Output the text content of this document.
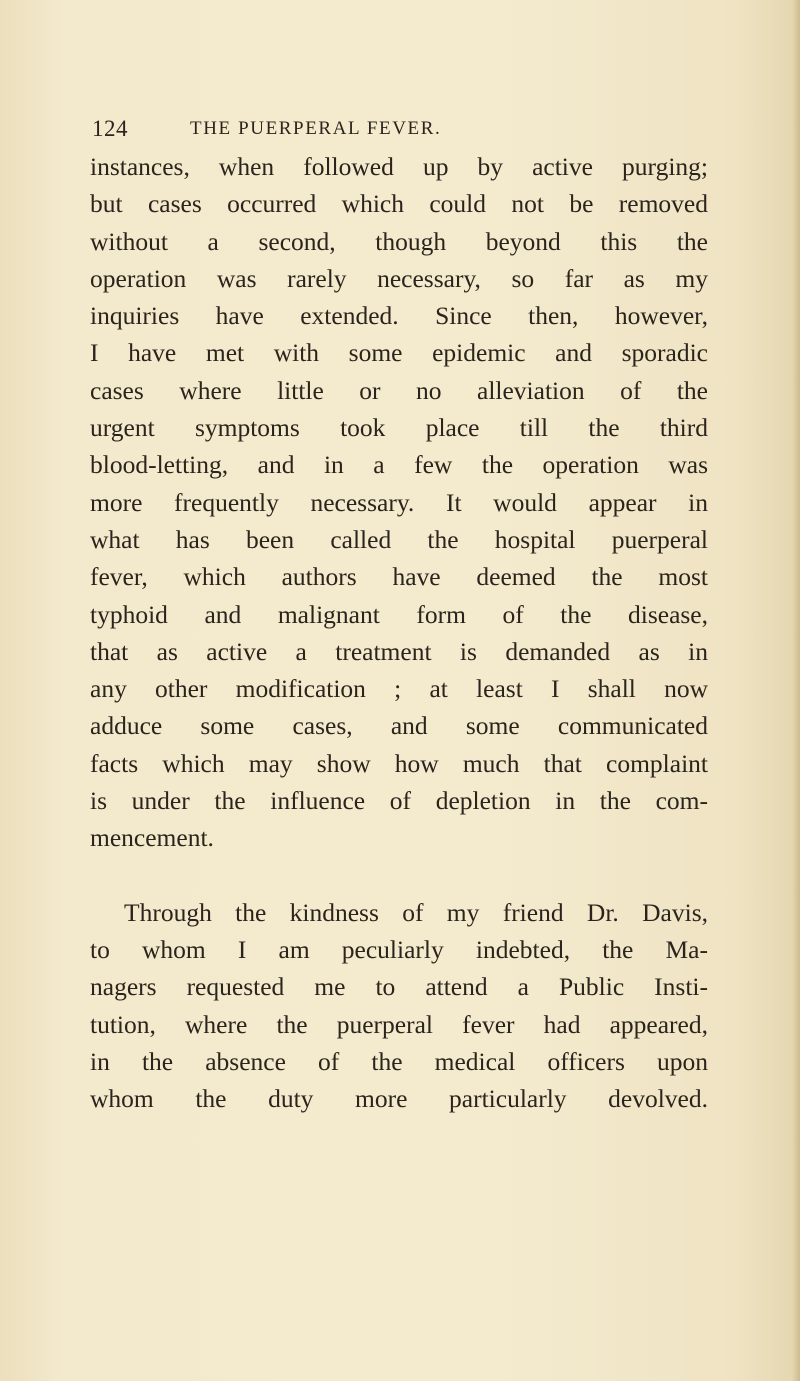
124	THE PUERPERAL FEVER.
instances, when followed up by active purging;
but cases occurred which could not be removed
without a second, though beyond this the
operation was rarely necessary, so far as my
inquiries have extended. Since then, however,
I have met with some epidemic and sporadic
cases where little or no alleviation of the
urgent symptoms took place till the third
blood-letting, and in a few the operation was
more frequently necessary. It would appear in
what has been called the hospital puerperal
fever, which authors have deemed the most
typhoid and malignant form of the disease,
that as active a treatment is demanded as in
any other modification ; at least I shall now
adduce some cases, and some communicated
facts which may show how much that complaint
is under the influence of depletion in the com-
mencement.
Through the kindness of my friend Dr. Davis,
to whom I am peculiarly indebted, the Ma-
nagers requested me to attend a Public Insti-
tution, where the puerperal fever had appeared,
in the absence of the medical officers upon
whom the duty more particularly devolved.
